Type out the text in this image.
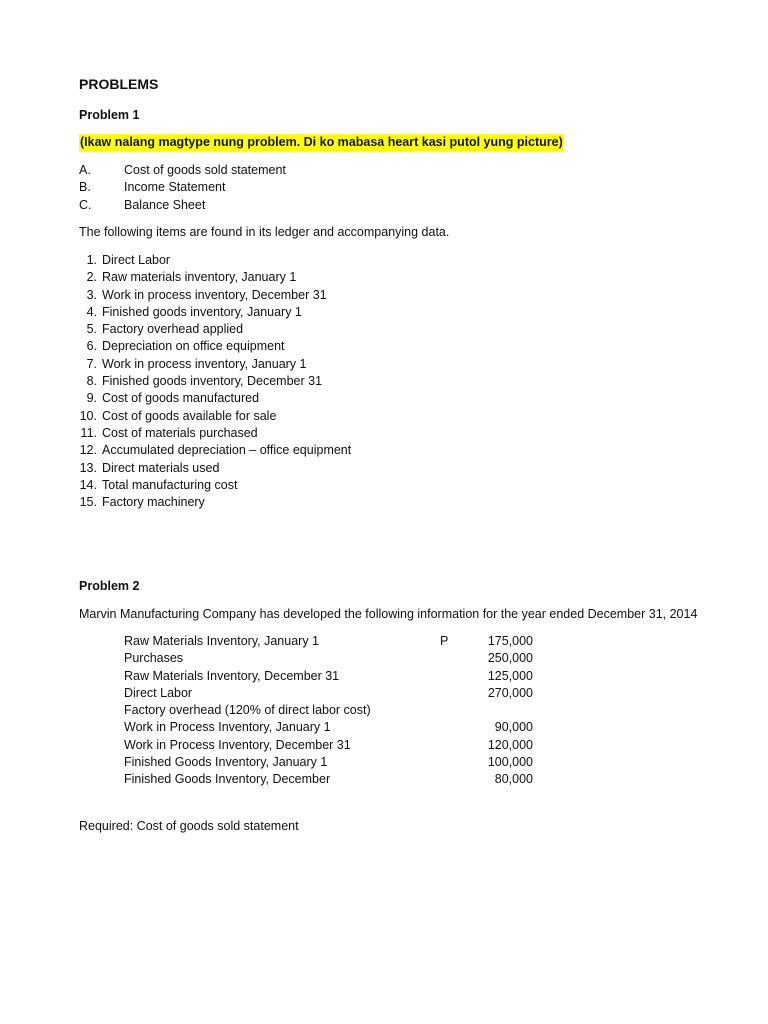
PROBLEMS
Problem 1
(Ikaw nalang magtype nung problem. Di ko mabasa heart kasi putol yung picture)
A.	Cost of goods sold statement
B.	Income Statement
C.	Balance Sheet

The following items are found in its ledger and accompanying data.

1. Direct Labor
2. Raw materials inventory, January 1
3. Work in process inventory, December 31
4. Finished goods inventory, January 1
5. Factory overhead applied
6. Depreciation on office equipment
7. Work in process inventory, January 1
8. Finished goods inventory, December 31
9. Cost of goods manufactured
10. Cost of goods available for sale
11. Cost of materials purchased
12. Accumulated depreciation – office equipment
13. Direct materials used
14. Total manufacturing cost
15. Factory machinery
Problem 2

Marvin Manufacturing Company has developed the following information for the year ended December 31, 2014

Raw Materials Inventory, January 1	P	175,000
Purchases		250,000
Raw Materials Inventory, December 31		125,000
Direct Labor		270,000
Factory overhead (120% of direct labor cost)		
Work in Process Inventory, January 1		90,000
Work in Process Inventory, December 31		120,000
Finished Goods Inventory, January 1		100,000
Finished Goods Inventory, December		80,000

Required: Cost of goods sold statement
